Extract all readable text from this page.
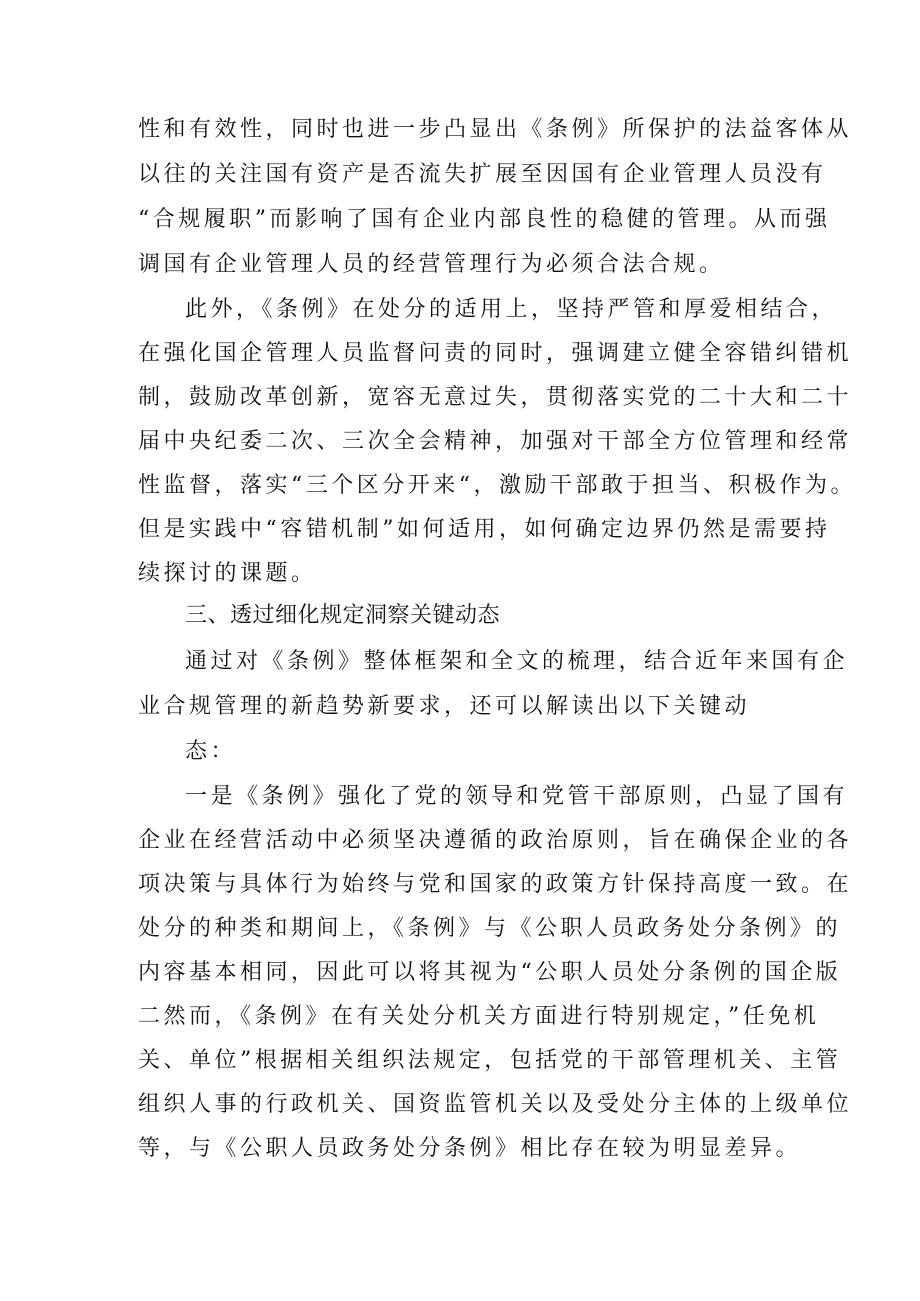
性和有效性，同时也进一步凸显出《条例》所保护的法益客体从
以往的关注国有资产是否流失扩展至因国有企业管理人员没有
“合规履职”而影响了国有企业内部良性的稳健的管理。从而强
调国有企业管理人员的经营管理行为必须合法合规。
此外，《条例》在处分的适用上，坚持严管和厚爱相结合，
在强化国企管理人员监督问责的同时，强调建立健全容错纠错机
制，鼓励改革创新，宽容无意过失，贯彻落实党的二十大和二十
届中央纪委二次、三次全会精神，加强对干部全方位管理和经常
性监督，落实“三个区分开来“，激励干部敢于担当、积极作为。
但是实践中“容错机制”如何适用，如何确定边界仍然是需要持
续探讨的课题。
三、透过细化规定洞察关键动态
通过对《条例》整体框架和全文的梳理，结合近年来国有企
业合规管理的新趋势新要求，还可以解读出以下关键动
态：
一是《条例》强化了党的领导和党管干部原则，凸显了国有
企业在经营活动中必须坚决遵循的政治原则，旨在确保企业的各
项决策与具体行为始终与党和国家的政策方针保持高度一致。在
处分的种类和期间上，《条例》与《公职人员政务处分条例》的
内容基本相同，因此可以将其视为“公职人员处分条例的国企版
二然而，《条例》在有关处分机关方面进行特别规定，”任免机
关、单位”根据相关组织法规定，包括党的干部管理机关、主管
组织人事的行政机关、国资监管机关以及受处分主体的上级单位
等，与《公职人员政务处分条例》相比存在较为明显差异。
